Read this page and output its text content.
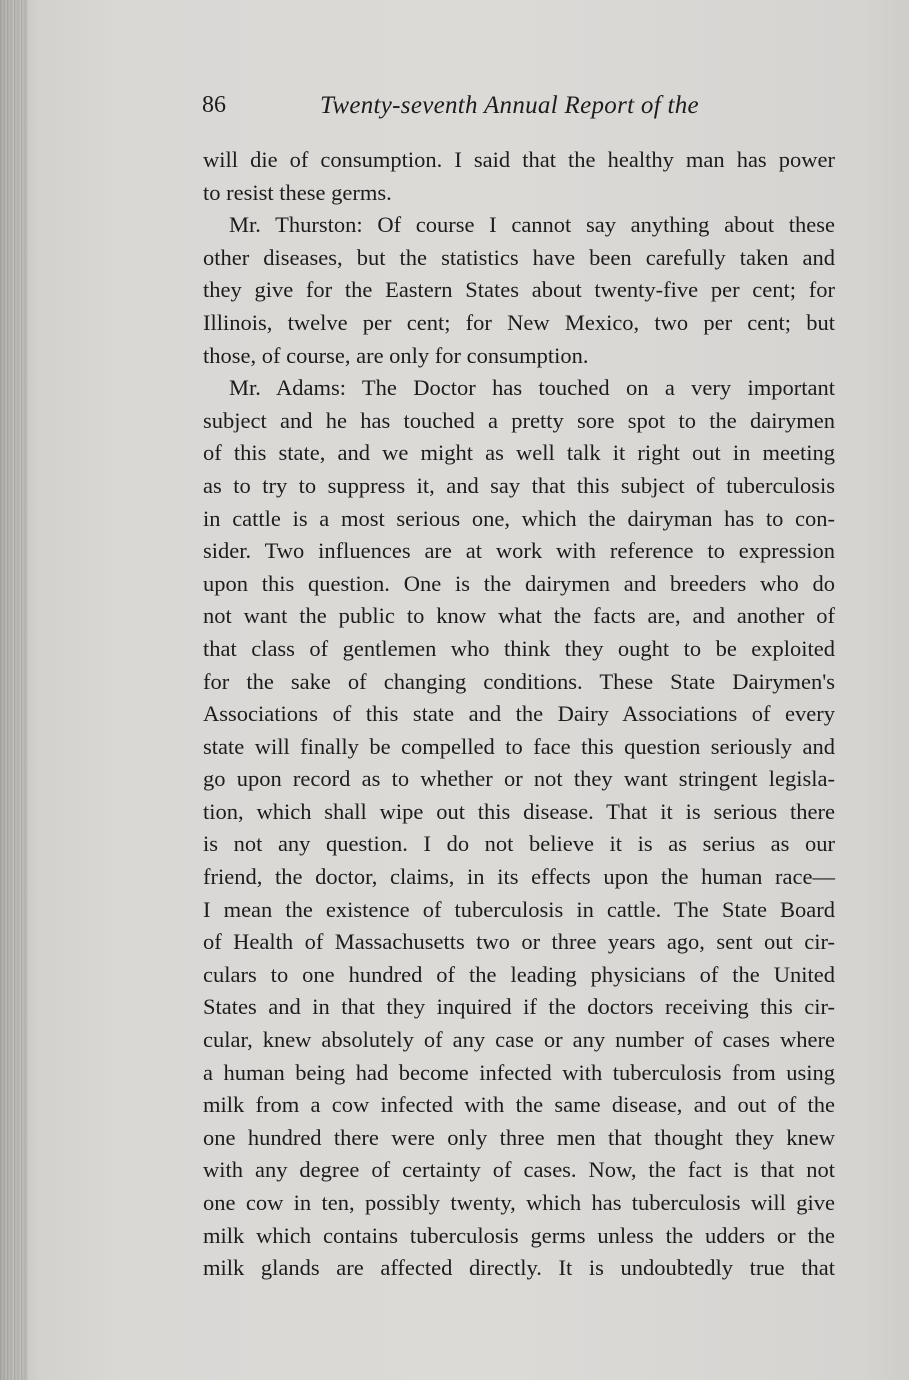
86	Twenty-seventh Annual Report of the
will die of consumption. I said that the healthy man has power
to resist these germs.
Mr. Thurston: Of course I cannot say anything about these
other diseases, but the statistics have been carefully taken and
they give for the Eastern States about twenty-five per cent; for
Illinois, twelve per cent; for New Mexico, two per cent; but
those, of course, are only for consumption.
Mr. Adams: The Doctor has touched on a very important
subject and he has touched a pretty sore spot to the dairymen
of this state, and we might as well talk it right out in meeting
as to try to suppress it, and say that this subject of tuberculosis
in cattle is a most serious one, which the dairyman has to con-
sider. Two influences are at work with reference to expression
upon this question. One is the dairymen and breeders who do
not want the public to know what the facts are, and another of
that class of gentlemen who think they ought to be exploited
for the sake of changing conditions. These State Dairymen's
Associations of this state and the Dairy Associations of every
state will finally be compelled to face this question seriously and
go upon record as to whether or not they want stringent legisla-
tion, which shall wipe out this disease. That it is serious there
is not any question. I do not believe it is as serius as our
friend, the doctor, claims, in its effects upon the human race—
I mean the existence of tuberculosis in cattle. The State Board
of Health of Massachusetts two or three years ago, sent out cir-
culars to one hundred of the leading physicians of the United
States and in that they inquired if the doctors receiving this cir-
cular, knew absolutely of any case or any number of cases where
a human being had become infected with tuberculosis from using
milk from a cow infected with the same disease, and out of the
one hundred there were only three men that thought they knew
with any degree of certainty of cases. Now, the fact is that not
one cow in ten, possibly twenty, which has tuberculosis will give
milk which contains tuberculosis germs unless the udders or the
milk glands are affected directly. It is undoubtedly true that
